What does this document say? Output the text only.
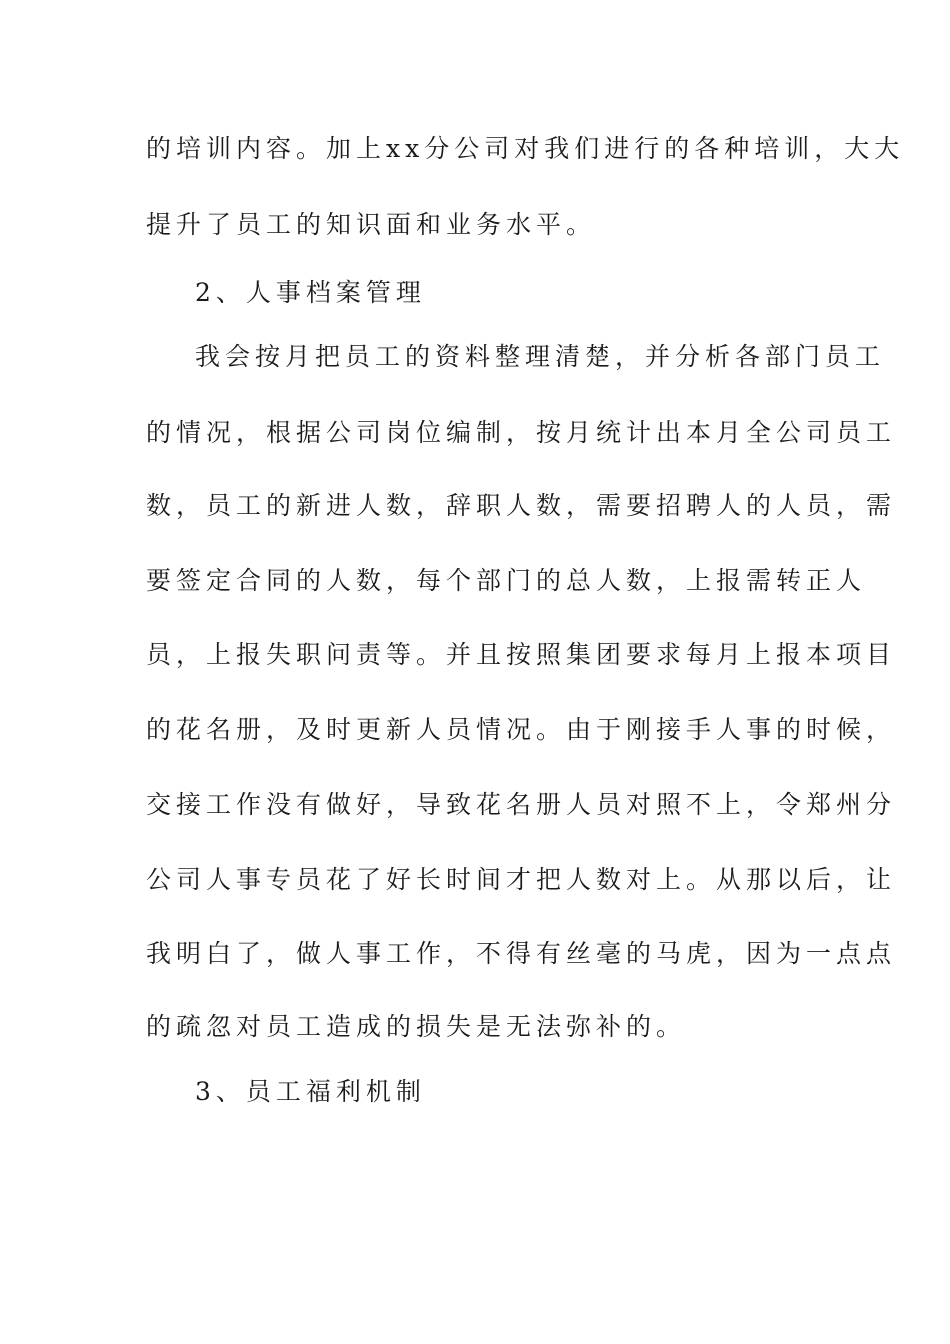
的培训内容。加上xx分公司对我们进行的各种培训，大大
提升了员工的知识面和业务水平。
2、人事档案管理
我会按月把员工的资料整理清楚，并分析各部门员工
的情况，根据公司岗位编制，按月统计出本月全公司员工
数，员工的新进人数，辞职人数，需要招聘人的人员，需
要签定合同的人数，每个部门的总人数，上报需转正人
员，上报失职问责等。并且按照集团要求每月上报本项目
的花名册，及时更新人员情况。由于刚接手人事的时候，
交接工作没有做好，导致花名册人员对照不上，令郑州分
公司人事专员花了好长时间才把人数对上。从那以后，让
我明白了，做人事工作，不得有丝毫的马虎，因为一点点
的疏忽对员工造成的损失是无法弥补的。
3、员工福利机制
